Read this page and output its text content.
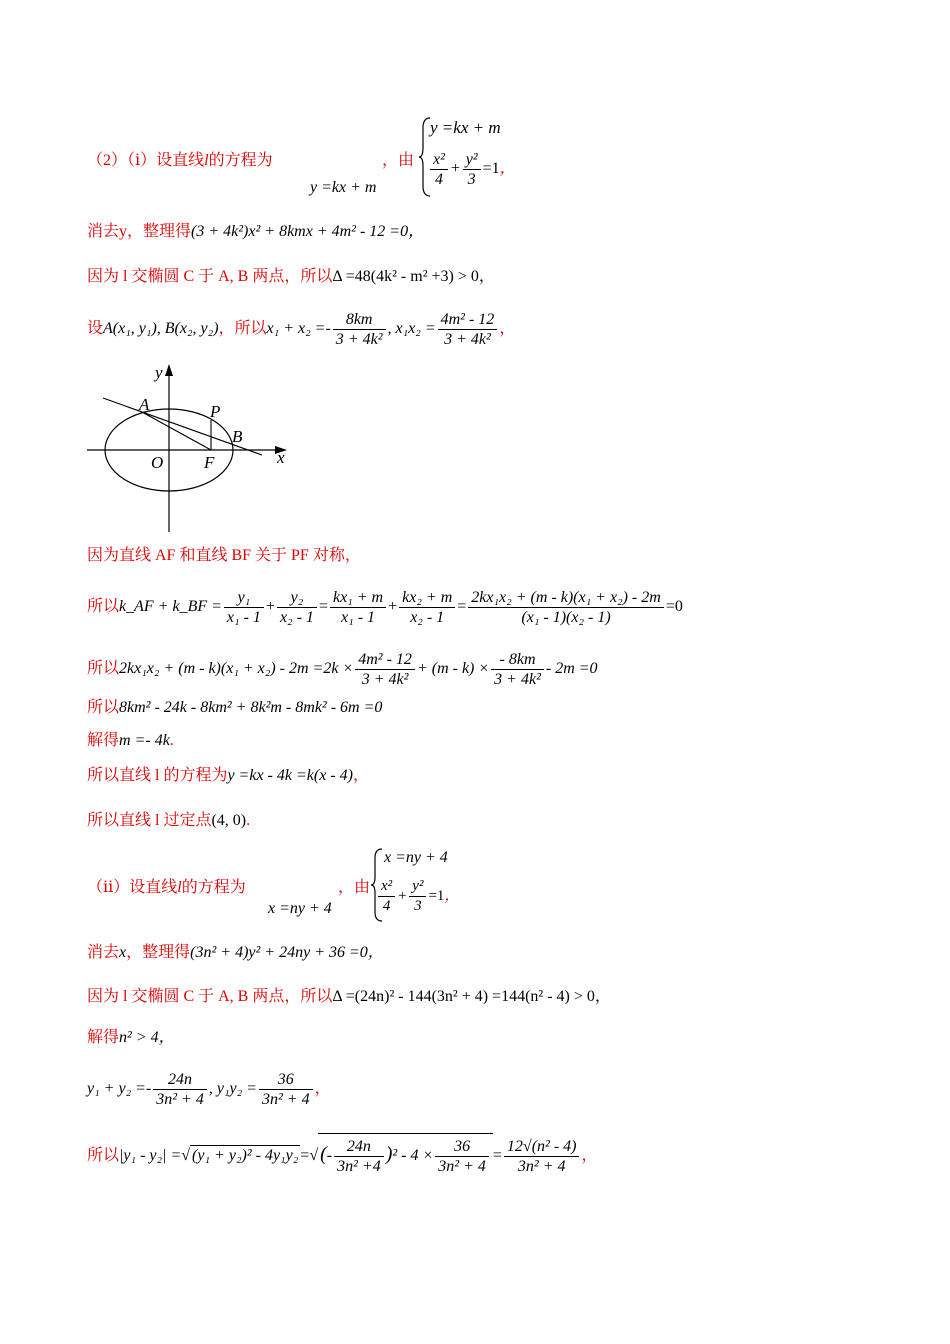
（2）（ⅰ）设直线l的方程为
y =kx + m
，由
y =kx + m
$\frac{\text{x²}}{4} + \frac{\text{y²}}{3} =1$，
消去y，整理得(3 + 4k²)x² + 8kmx + 4m² - 12 =0，
因为 l 交椭圆 C 于 A, B 两点，所以Δ =48(4k² - m² +3) > 0，
设A(x₁, y₁), B(x₂, y₂)，所以$x_1 + x_2 =- \frac{8km}{\text{3 + 4k²}}$ , $x_1x_2 = \frac{\text{4m² - 12}}{\text{3 + 4k²}}$ ，
y
x
A	P
B
O F
因为直线 AF 和直线 BF 关于 PF 对称，
所以k_AF + k_BF = $\frac{\text{y₁}}{\text{x₁ - 1}} + \frac{\text{y₂}}{\text{x₂ - 1}} = \frac{\text{kx₁ + m}}{\text{x₁ - 1}} + \frac{\text{kx₂ + m}}{\text{x₂ - 1}} = \frac{\text{2kx₁x₂ + (m - k)(x₁ + x₂) - 2m}}{\text{(x₁ - 1)(x₂ - 1)}} =0$
所以$2kx_1x_2 + (m - k)(x_1 + x_2) - 2m =2k \times \frac{\text{4m² - 12}}{\text{3 + 4k²}} + (m - k) \times \frac{- 8km}{\text{3 + 4k²}} - 2m =0$
所以8km² - 24k - 8km² + 8k²m - 8mk² - 6m =0
解得m =- 4k.
所以直线 l 的方程为y =kx - 4k =k(x - 4)，
所以直线 l 过定点(4, 0).
（ⅱ）设直线l的方程为
x =ny + 4
，由
x =ny + 4
$\frac{\text{x²}}{4} + \frac{\text{y²}}{3} =1$，
消去x，整理得(3n² + 4)y² + 24ny + 36 =0，
因为 l 交椭圆 C 于 A, B 两点，所以Δ =(24n)² - 144(3n² + 4) =144(n² - 4) > 0，
解得n² > 4，
$y_1 + y_2 =- \frac{24n}{\text{3n² + 4}}$ , $y_1y_2 = \frac{36}{\text{3n² + 4}}$ ，
所以|y₁ - y₂| =√ (y₁ + y₂)² - 4y₁y₂ =√ (- $\frac{24n}{\text{3n² +4}} )^2 - 4 \times \frac{36}{\text{3n² + 4}} = \frac{\text{12√(n² - 4)}}{\text{3n² + 4}}$ ，
